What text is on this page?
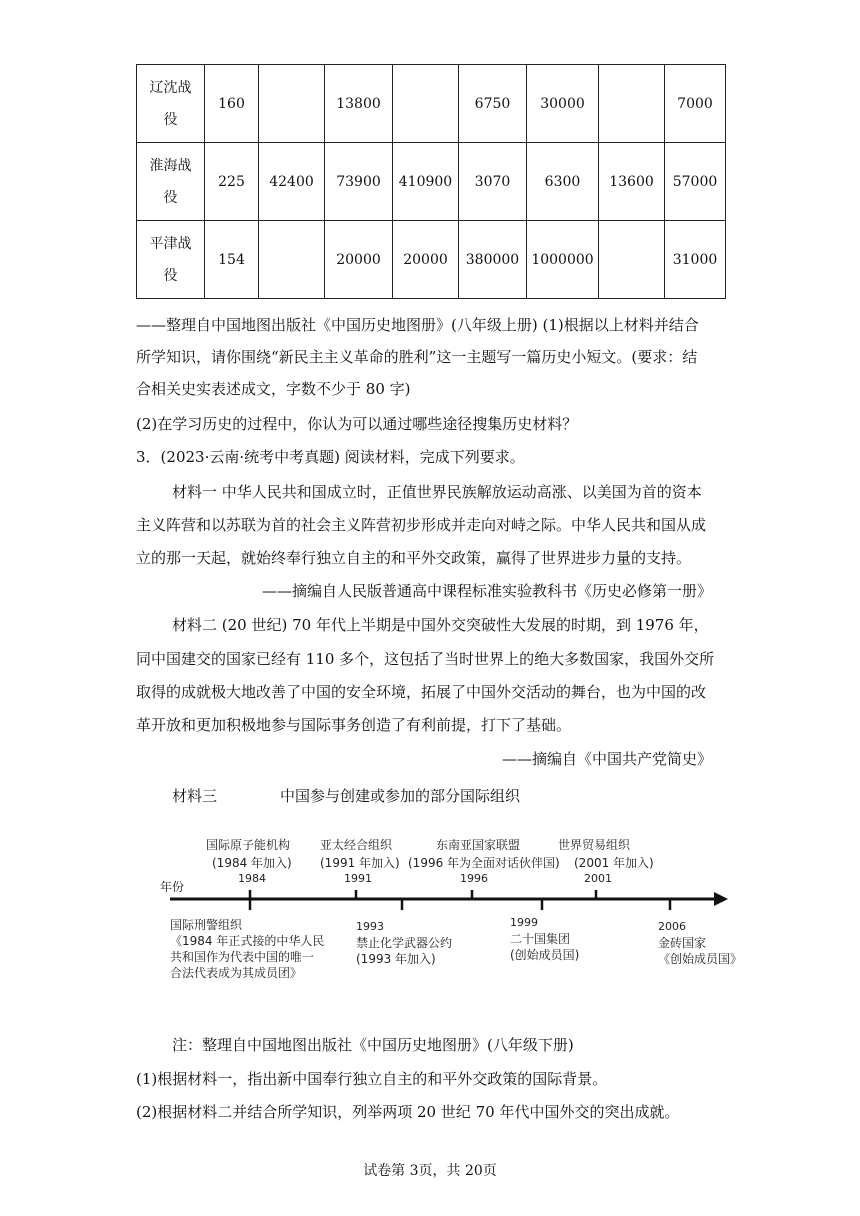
辽沈战
役	160		13800		6750	30000		7000
淮海战
役	225	42400	73900	410900	3070	6300	13600	57000
平津战
役	154		20000	20000	380000	1000000		31000
——整理自中国地图出版社《中国历史地图册》(八年级上册) (1)根据以上材料并结合
所学知识，请你围绕“新民主主义革命的胜利”这一主题写一篇历史小短文。(要求：结
合相关史实表述成文，字数不少于 80 字)
(2)在学习历史的过程中，你认为可以通过哪些途径搜集历史材料？
3．(2023·云南·统考中考真题) 阅读材料，完成下列要求。
材料一 中华人民共和国成立时，正值世界民族解放运动高涨、以美国为首的资本
主义阵营和以苏联为首的社会主义阵营初步形成并走向对峙之际。中华人民共和国从成
立的那一天起，就始终奉行独立自主的和平外交政策，赢得了世界进步力量的支持。
——摘编自人民版普通高中课程标准实验教科书《历史必修第一册》
材料二 (20 世纪) 70 年代上半期是中国外交突破性大发展的时期，到 1976 年，
同中国建交的国家已经有 110 多个，这包括了当时世界上的绝大多数国家，我国外交所
取得的成就极大地改善了中国的安全环境，拓展了中国外交活动的舞台，也为中国的改
革开放和更加积极地参与国际事务创造了有利前提，打下了基础。
——摘编自《中国共产党简史》
材料三	中国参与创建或参加的部分国际组织
年份
国际原子能机构
(1984 年加入)
1984
亚太经合组织
(1991 年加入)
1991
东南亚国家联盟
(1996 年为全面对话伙伴国)
1996
世界贸易组织
(2001 年加入)
2001
国际刑警组织
《1984 年正式接的中华人民
共和国作为代表中国的唯一
合法代表成为其成员团》
1993
禁止化学武器公约
(1993 年加入)
1999
二十国集团
(创始成员国)
2006
金砖国家
《创始成员国》
注：整理自中国地图出版社《中国历史地图册》(八年级下册)
(1)根据材料一，指出新中国奉行独立自主的和平外交政策的国际背景。
(2)根据材料二并结合所学知识，列举两项 20 世纪 70 年代中国外交的突出成就。
试卷第 3页，共 20页
